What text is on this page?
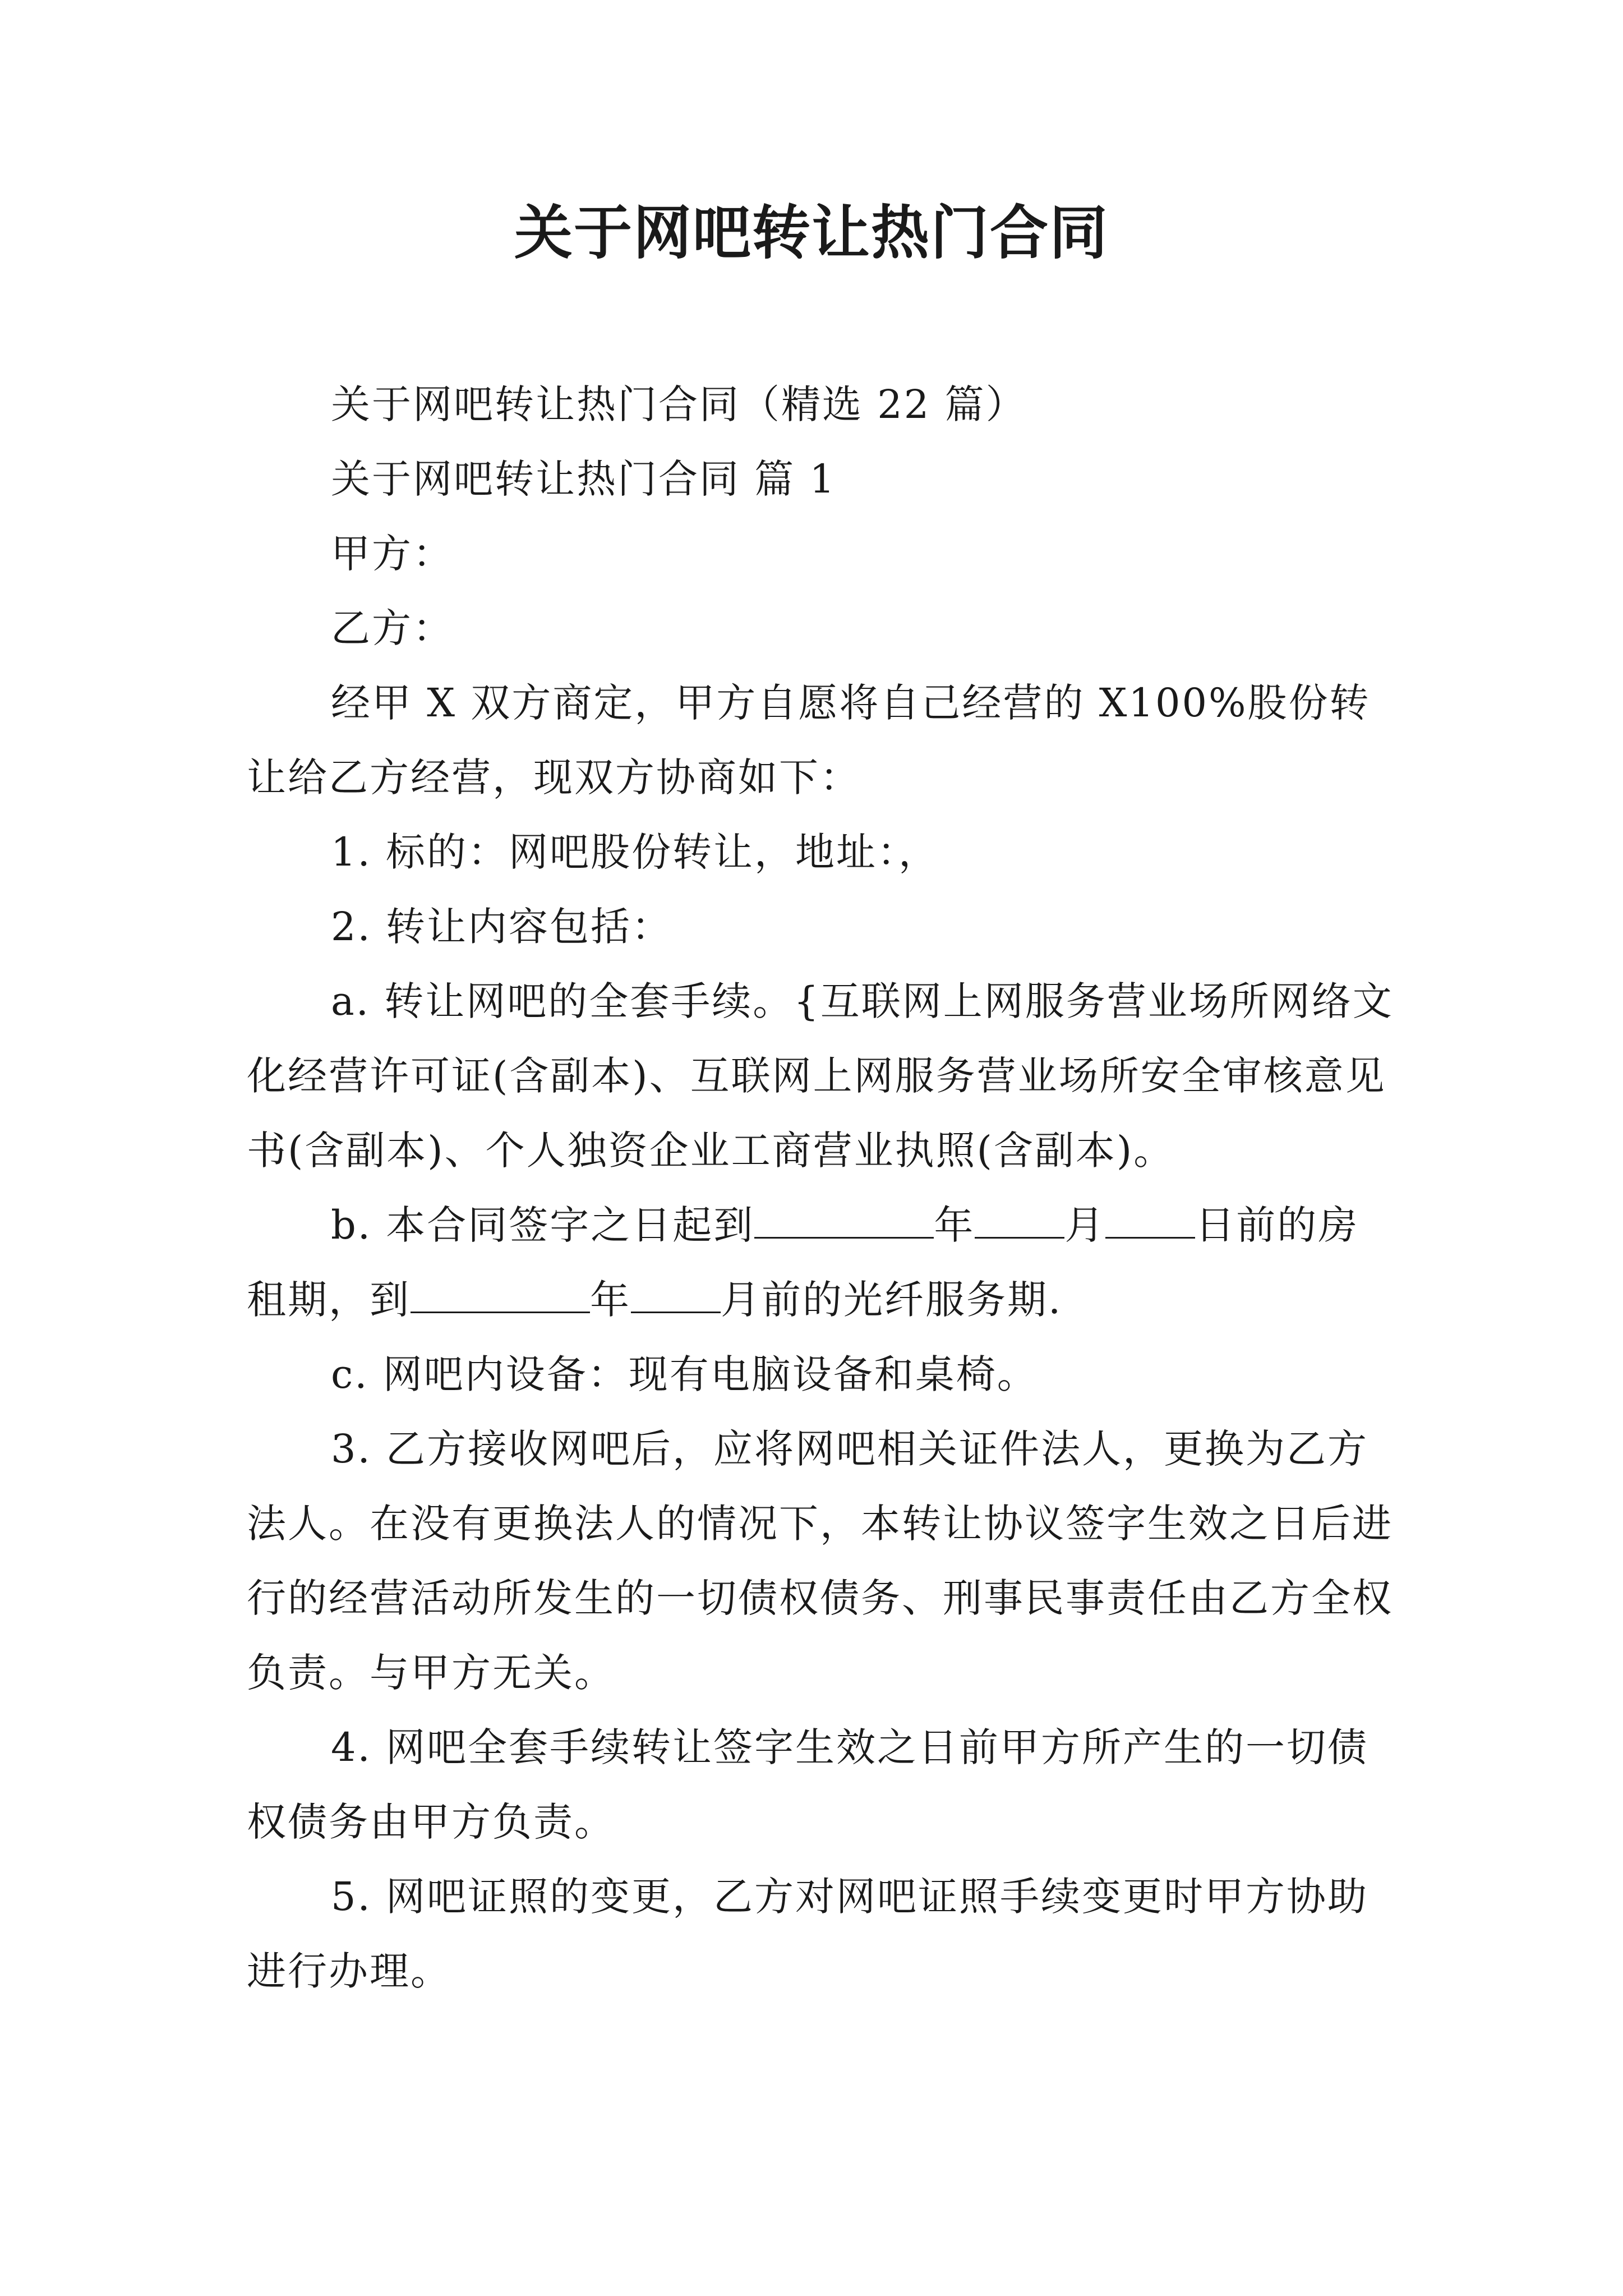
关于网吧转让热门合同

关于网吧转让热门合同（精选 22 篇）

关于网吧转让热门合同 篇 1

甲方：

乙方：

经甲 X 双方商定，甲方自愿将自己经营的 X100%股份转让给乙方经营，现双方协商如下：

1. 标的：网吧股份转让，地址：，

2. 转让内容包括：

a. 转让网吧的全套手续。{互联网上网服务营业场所网络文化经营许可证(含副本)、互联网上网服务营业场所安全审核意见书(含副本)、个人独资企业工商营业执照(含副本)。

b. 本合同签字之日起到	年 月 日前的房租期，到	年 月前的光纤服务期.

c. 网吧内设备：现有电脑设备和桌椅。

3. 乙方接收网吧后，应将网吧相关证件法人，更换为乙方法人。在没有更换法人的情况下，本转让协议签字生效之日后进行的经营活动所发生的一切债权债务、刑事民事责任由乙方全权负责。与甲方无关。

4. 网吧全套手续转让签字生效之日前甲方所产生的一切债权债务由甲方负责。

5. 网吧证照的变更，乙方对网吧证照手续变更时甲方协助进行办理。
